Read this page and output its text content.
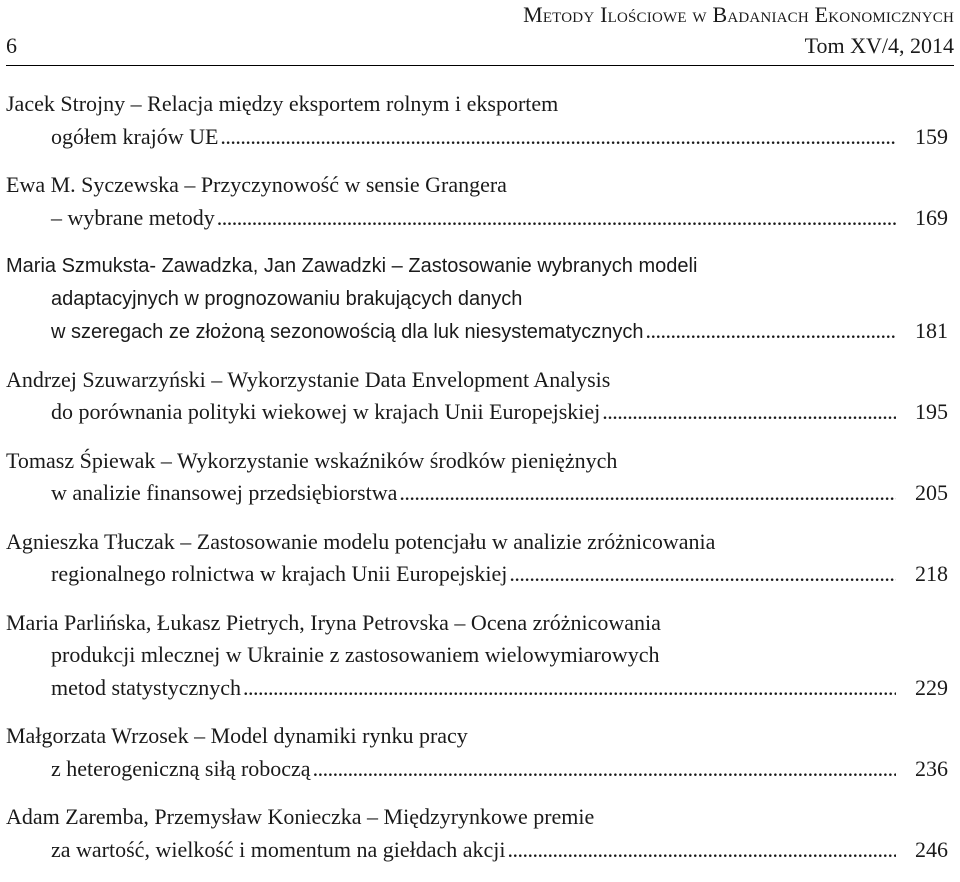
Metody Ilościowe w Badaniach Ekonomicznych
6	Tom XV/4, 2014
Jacek Strojny – Relacja między eksportem rolnym i eksportem
ogółem krajów UE . . .	159
Ewa M. Syczewska – Przyczynowość w sensie Grangera
– wybrane metody . . .	169
Maria Szmuksta- Zawadzka, Jan Zawadzki – Zastosowanie wybranych modeli
adaptacyjnych w prognozowaniu brakujących danych
w szeregach ze złożoną sezonowością dla luk niesystematycznych . . .	181
Andrzej Szuwarzyński – Wykorzystanie Data Envelopment Analysis
do porównania polityki wiekowej w krajach Unii Europejskiej . . .	195
Tomasz Śpiewak – Wykorzystanie wskaźników środków pieniężnych
w analizie finansowej przedsiębiorstwa . . .	205
Agnieszka Tłuczak – Zastosowanie modelu potencjału w analizie zróżnicowania
regionalnego rolnictwa w krajach Unii Europejskiej . . .	218
Maria Parlińska, Łukasz Pietrych, Iryna Petrovska – Ocena zróżnicowania
produkcji mlecznej w Ukrainie z zastosowaniem wielowymiarowych
metod statystycznych . . .	229
Małgorzata Wrzosek – Model dynamiki rynku pracy
z heterogeniczną siłą roboczą . . .	236
Adam Zaremba, Przemysław Konieczka – Międzyrynkowe premie
za wartość, wielkość i momentum na giełdach akcji . . .	246
